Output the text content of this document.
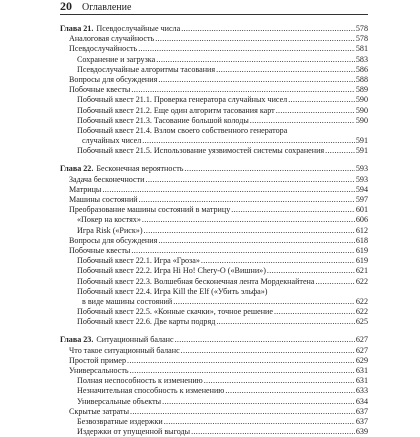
20 Оглавление
Глава 21. Псевдослучайные числа .....	578
Аналоговая случайность .....	578
Псевдослучайность .....	581
Сохранение и загрузка .....	583
Псевдослучайные алгоритмы тасования .....	586
Вопросы для обсуждения .....	588
Побочные квесты .....	589
Побочный квест 21.1. Проверка генератора случайных чисел .....	590
Побочный квест 21.2. Еще один алгоритм тасования карт .....	590
Побочный квест 21.3. Тасование большой колоды .....	590
Побочный квест 21.4. Взлом своего собственного генератора
случайных чисел .....	591
Побочный квест 21.5. Использование уязвимостей системы сохранения .....	591
Глава 22. Бесконечная вероятность .....	593
Задача бесконечности .....	593
Матрицы .....	594
Машины состояний .....	597
Преобразование машины состояний в матрицу .....	601
«Покер на костях» .....	606
Игра Risk («Риск») .....	612
Вопросы для обсуждения .....	618
Побочные квесты .....	619
Побочный квест 22.1. Игра «Гроза» .....	619
Побочный квест 22.2. Игра Hi Ho! Chery-O («Вишни») .....	621
Побочный квест 22.3. Волшебная бесконечная лента Мордекнайтена .....	622
Побочный квест 22.4. Игра Kill the Elf («Убить эльфа»)
в виде машины состояний .....	622
Побочный квест 22.5. «Конные скачки», точное решение .....	622
Побочный квест 22.6. Две карты подряд .....	625
Глава 23. Ситуационный баланс .....	627
Что такое ситуационный баланс .....	627
Простой пример .....	629
Универсальность .....	631
Полная неспособность к изменению .....	631
Незначительная способность к изменению .....	633
Универсальные объекты .....	634
Скрытые затраты .....	637
Безвозвратные издержки .....	637
Издержки от упущенной выгоды .....	639
